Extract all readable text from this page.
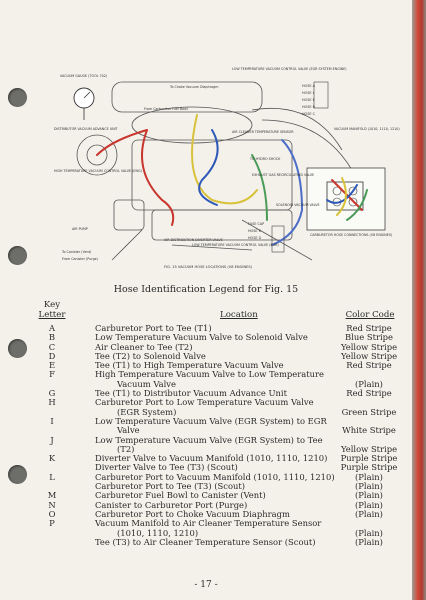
HOSE A
HOSE L
HOSE E
HOSE B
HOSE C
HOSE K
HOSE G
VACUUM GAUGE (TOOL 702)
LOW TEMPERATURE VACUUM CONTROL VALVE (EGR SYSTEM ENGINE)
To Choke Vacuum Diaphragm
From Carburetor Fuel Bowl
AIR CLEANER TEMPERATURE SENSOR
DISTRIBUTOR VACUUM ADVANCE UNIT
HIGH TEMPERATURE VACUUM CONTROL VALVE (ENG)
VACUUM MANIFOLD (1010, 1110, 1210)
TO HYDRO SHOCK
EXHAUST GAS RECIRCULATING VALVE
SOLENOID VACUUM VALVE
FUSE CAP
AIR PUMP
AIR DISTRIBUTION DIVERTER VALVE
LOW TEMPERATURE VACUUM CONTROL VALVE (EGR)
To Canister (Vent)
From Canister (Purge)
CARBURETOR HOSE CONNECTIONS (V8 ENGINES)
FIG. 15 VACUUM HOSE LOCATIONS (V8 ENGINES)
Hose Identification Legend for Fig. 15
Key
Letter	Location	Color Code
A	Carburetor Port to Tee (T1)	Red Stripe
B	Low Temperature Vacuum Valve to Solenoid Valve	Blue Stripe
C	Air Cleaner to Tee (T2)	Yellow Stripe
D	Tee (T2) to Solenoid Valve	Yellow Stripe
E	Tee (T1) to High Temperature Vacuum Valve	Red Stripe
F	High Temperature Vacuum Valve to Low Temperature
Vacuum Valve	(Plain)
G	Tee (T1) to Distributor Vacuum Advance Unit	Red Stripe
H	Carburetor Port to Low Temperature Vacuum Valve
(EGR System)	Green Stripe
I	Low Temperature Vacuum Valve (EGR System) to EGR
Valve	White Stripe
J	Low Temperature Vacuum Valve (EGR System) to Tee
(T2)	Yellow Stripe
K	Diverter Valve to Vacuum Manifold (1010, 1110, 1210)	Purple Stripe
Diverter Valve to Tee (T3) (Scout)	Purple Stripe
L	Carburetor Port to Vacuum Manifold (1010, 1110, 1210)	(Plain)
Carburetor Port to Tee (T3) (Scout)	(Plain)
M	Carburetor Fuel Bowl to Canister (Vent)	(Plain)
N	Canister to Carburetor Port (Purge)	(Plain)
O	Carburetor Port to Choke Vacuum Diaphragm	(Plain)
P	Vacuum Manifold to Air Cleaner Temperature Sensor
(1010, 1110, 1210)	(Plain)
Tee (T3) to Air Cleaner Temperature Sensor (Scout)	(Plain)
- 17 -
